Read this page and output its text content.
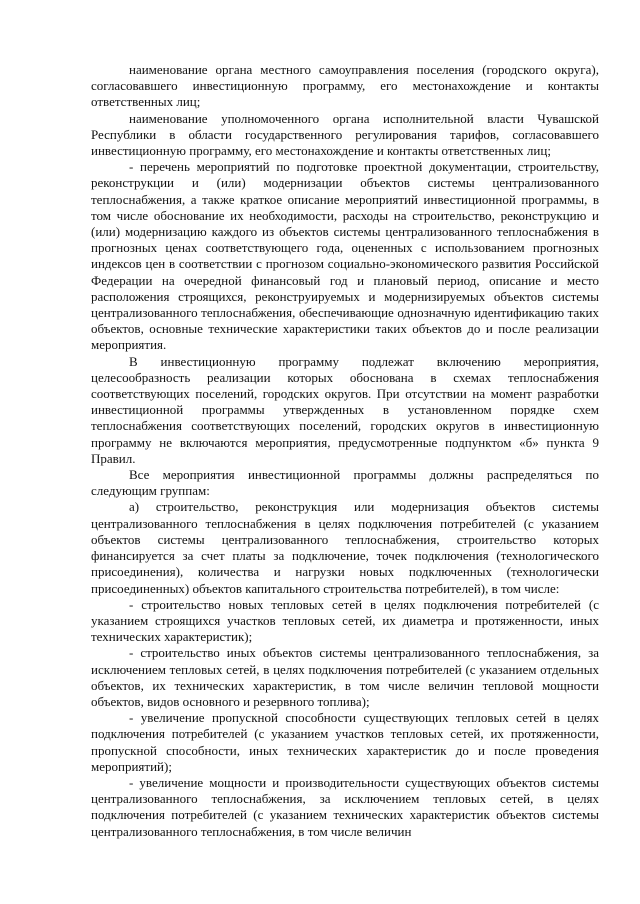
наименование органа местного самоуправления поселения (городского округа), согласовавшего инвестиционную программу, его местонахождение и контакты ответственных лиц;

наименование уполномоченного органа исполнительной власти Чувашской Республики в области государственного регулирования тарифов, согласовавшего инвестиционную программу, его местонахождение и контакты ответственных лиц;

- перечень мероприятий по подготовке проектной документации, строительству, реконструкции и (или) модернизации объектов системы централизованного теплоснабжения, а также краткое описание мероприятий инвестиционной программы, в том числе обоснование их необходимости, расходы на строительство, реконструкцию и (или) модернизацию каждого из объектов системы централизованного теплоснабжения в прогнозных ценах соответствующего года, оцененных с использованием прогнозных индексов цен в соответствии с прогнозом социально-экономического развития Российской Федерации на очередной финансовый год и плановый период, описание и место расположения строящихся, реконструируемых и модернизируемых объектов системы централизованного теплоснабжения, обеспечивающие однозначную идентификацию таких объектов, основные технические характеристики таких объектов до и после реализации мероприятия.

В инвестиционную программу подлежат включению мероприятия, целесообразность реализации которых обоснована в схемах теплоснабжения соответствующих поселений, городских округов. При отсутствии на момент разработки инвестиционной программы утвержденных в установленном порядке схем теплоснабжения соответствующих поселений, городских округов в инвестиционную программу не включаются мероприятия, предусмотренные подпунктом «б» пункта 9 Правил.

Все мероприятия инвестиционной программы должны распределяться по следующим группам:

а) строительство, реконструкция или модернизация объектов системы централизованного теплоснабжения в целях подключения потребителей (с указанием объектов системы централизованного теплоснабжения, строительство которых финансируется за счет платы за подключение, точек подключения (технологического присоединения), количества и нагрузки новых подключенных (технологически присоединенных) объектов капитального строительства потребителей), в том числе:

- строительство новых тепловых сетей в целях подключения потребителей (с указанием строящихся участков тепловых сетей, их диаметра и протяженности, иных технических характеристик);

- строительство иных объектов системы централизованного теплоснабжения, за исключением тепловых сетей, в целях подключения потребителей (с указанием отдельных объектов, их технических характеристик, в том числе величин тепловой мощности объектов, видов основного и резервного топлива);

- увеличение пропускной способности существующих тепловых сетей в целях подключения потребителей (с указанием участков тепловых сетей, их протяженности, пропускной способности, иных технических характеристик до и после проведения мероприятий);

- увеличение мощности и производительности существующих объектов системы централизованного теплоснабжения, за исключением тепловых сетей, в целях подключения потребителей (с указанием технических характеристик объектов системы централизованного теплоснабжения, в том числе величин
